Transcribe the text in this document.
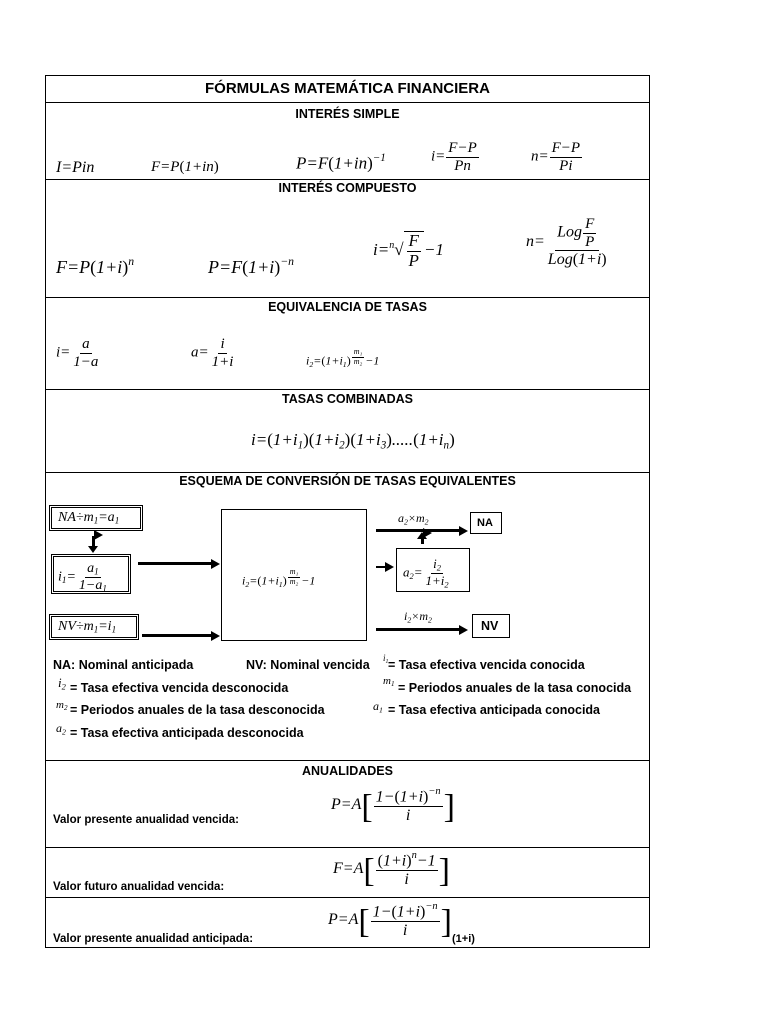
FÓRMULAS MATEMÁTICA FINANCIERA
INTERÉS SIMPLE
I=Pin	F=P(1+in)	$P=F(1+in)^{-1}$	$i= \frac{F-P}{Pn}$	$n= \frac{F-P}{Pi}$
INTERÉS COMPUESTO
$F=P(1+i)^n$	$P=F(1+i)^{-n}$
$i=^n√ \frac{F}{P} -1$	$n= \frac{Log \frac{F}{P}}{\text{Log(1+i)}}$
EQUIVALENCIA DE TASAS
$i= \frac{a}{1-a}$	$a= \frac{i}{1+i}$	$i_2=(1+i_1)$ $^{\frac{\text{m₁}}{\text{m₂}}}$ −1
TASAS COMBINADAS
$i=(1+i_1)(1+i_2)(1+i_3).....(1+i_n)$
ESQUEMA DE CONVERSIÓN DE TASAS EQUIVALENTES
$NA\div m_1=a_1$
$i_1= \frac{a_1}{1-a_1}$
$NV\div m_1=i_1$
$i_2=(1+i_1)$ $^{\frac{\text{m₁}}{\text{m₂}}}$ −1
$a_2\times m_2$	NA
$a_2= \frac{i_2}{1+i_2}$
$i_2\times m_2$	NV
NA: Nominal anticipada	NV: Nominal vencida $i_1$ = Tasa efectiva vencida conocida
$i_2$ = Tasa efectiva vencida desconocida	$m_1$ = Periodos anuales de la tasa conocida
$m_2$ = Periodos anuales de la tasa desconocida	$a_1$ = Tasa efectiva anticipada conocida
$a_2$ = Tasa efectiva anticipada desconocida
ANUALIDADES
$P=A[ \frac{1-(1+i)^{-n}}{i}$ ]
Valor presente anualidad vencida:
$F=A[ \frac{(1+i)^n-1}{i}$ ]
Valor futuro anualidad vencida:
$P=A[ \frac{1-(1+i)^{-n}}{i}$ ]
Valor presente anualidad anticipada:	(1+i)
